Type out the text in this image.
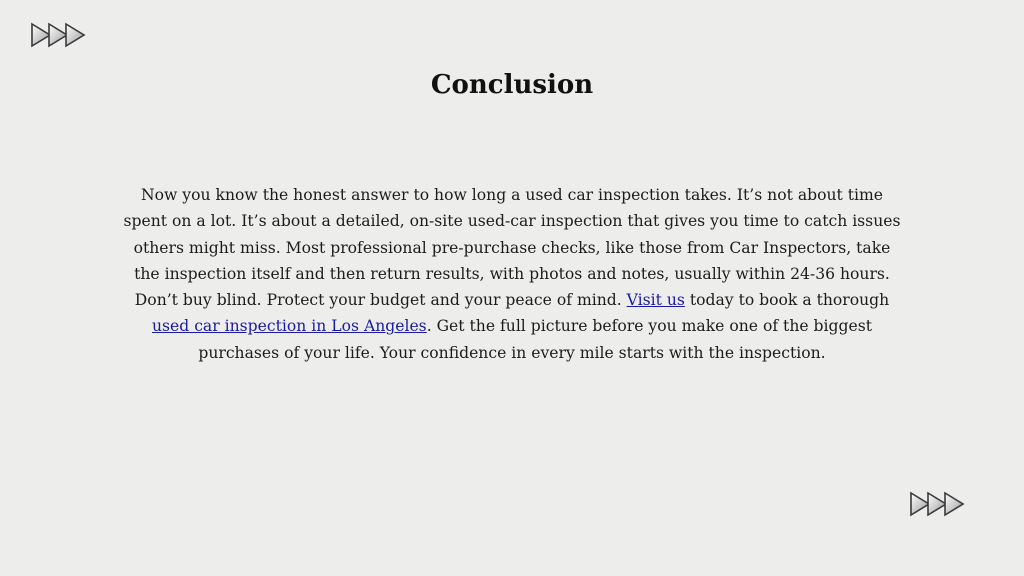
Conclusion

Now you know the honest answer to how long a used car inspection takes. It’s not about time spent on a lot. It’s about a detailed, on-site used-car inspection that gives you time to catch issues others might miss. Most professional pre-purchase checks, like those from Car Inspectors, take the inspection itself and then return results, with photos and notes, usually within 24-36 hours. Don’t buy blind. Protect your budget and your peace of mind. Visit us today to book a thorough used car inspection in Los Angeles. Get the full picture before you make one of the biggest purchases of your life. Your confidence in every mile starts with the inspection.
